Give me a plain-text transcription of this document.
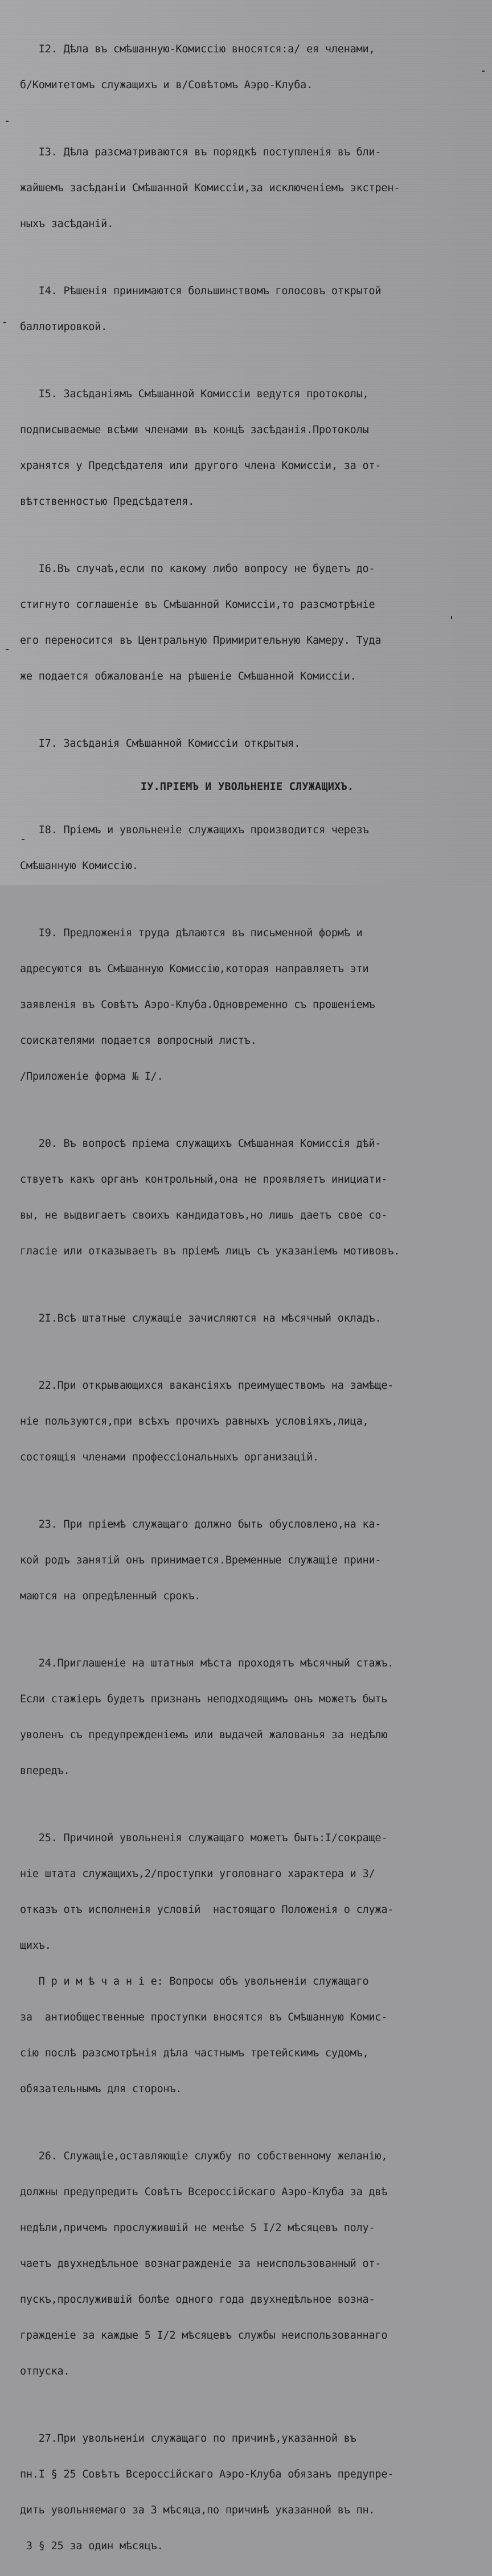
I2. Дѣла въ смѣшанную-Комиссію вносятся:а/ ея членами,

б/Комитетомъ служащихъ и в/Совѣтомъ Аэро-Клуба.

I3. Дѣла разсматриваются въ порядкѣ поступленія въ бли-

жайшемъ засѣданіи Смѣшанной Комиссіи,за исключеніемъ экстрен-

ныхъ засѣданій.

I4. Рѣшенія принимаются большинствомъ голосовъ открытой

баллотировкой.

I5. Засѣданіямъ Смѣшанной Комиссіи ведутся протоколы,

подписываемые всѣми членами въ концѣ засѣданія.Протоколы

хранятся у Предсѣдателя или другого члена Комиссіи, за от-

вѣтственностью Предсѣдателя.

I6.Въ случаѣ,если по какому либо вопросу не будетъ до-

стигнуто соглашеніе въ Смѣшанной Комиссіи,то разсмотрѣніе

его переносится въ Центральную Примирительную Камеру. Туда

же подается обжалованіе на рѣшеніе Смѣшанной Комиссіи.

I7. Засѣданія Смѣшанной Комиссіи открытыя.

IУ.ПРІЕМЪ И УВОЛЬНЕНІЕ СЛУЖАЩИХЪ.

I8. Пріемъ и увольненіе служащихъ производится черезъ

Смѣшанную Комиссію.

I9. Предложенія труда дѣлаются въ письменной формѣ и

адресуются въ Смѣшанную Комиссію,которая направляетъ эти

заявленія въ Совѣтъ Аэро-Клуба.Одновременно съ прошеніемъ

соискателями подается вопросный листъ.

/Приложеніе форма № I/.

20. Въ вопросѣ пріема служащихъ Смѣшанная Комиссія дѣй-

ствуетъ какъ органъ контрольный,она не проявляетъ инициати-

вы, не выдвигаетъ своихъ кандидатовъ,но лишь даетъ свое со-

гласіе или отказываетъ въ пріемѣ лицъ съ указаніемъ мотивовъ.

2I.Всѣ штатные служащіе зачисляются на мѣсячный окладъ.

22.При открывающихся вакансіяхъ преимуществомъ на замѣще-

ніе пользуются,при всѣхъ прочихъ равныхъ условіяхъ,лица,

состоящія членами профессіональныхъ организацій.

23. При пріемѣ служащаго должно быть обусловлено,на ка-

кой родъ занятій онъ принимается.Временные служащіе прини-

маются на опредѣленный срокъ.

24.Приглашеніе на штатныя мѣста проходятъ мѣсячный стажъ.

Если стажіеръ будетъ признанъ неподходящимъ онъ можетъ быть

уволенъ съ предупрежденіемъ или выдачей жалованья за недѣлю

впередъ.

25. Причиной увольненія служащаго можетъ быть:I/сокраще-

ніе штата служащихъ,2/проступки уголовнаго характера и 3/

отказъ отъ исполненія условій  настоящаго Положенія о служа-

щихъ.

П р и м ѣ ч а н і е: Вопросы объ увольненіи служащаго

за  антиобщественные проступки вносятся въ Смѣшанную Комис-

сію послѣ разсмотрѣнія дѣла частнымъ третейскимъ судомъ,

обязательнымъ для сторонъ.

26. Служащіе,оставляющіе службу по собственному желанію,

должны предупредить Совѣтъ Всероссійскаго Аэро-Клуба за двѣ

недѣли,причемъ прослужившій не менѣе 5 I/2 мѣсяцевъ полу-

чаетъ двухнедѣльное вознагражденіе за неиспользованный от-

пускъ,прослужившій болѣе одного года двухнедѣльное возна-

гражденіе за каждые 5 I/2 мѣсяцевъ службы неиспользованнаго

отпуска.

27.При увольненіи служащаго по причинѣ,указанной въ

пн.I § 25 Совѣтъ Всероссійскаго Аэро-Клуба обязанъ предупре-

дить увольняемаго за 3 мѣсяца,по причинѣ указанной въ пн.

3 § 25 за один мѣсяцъ.
